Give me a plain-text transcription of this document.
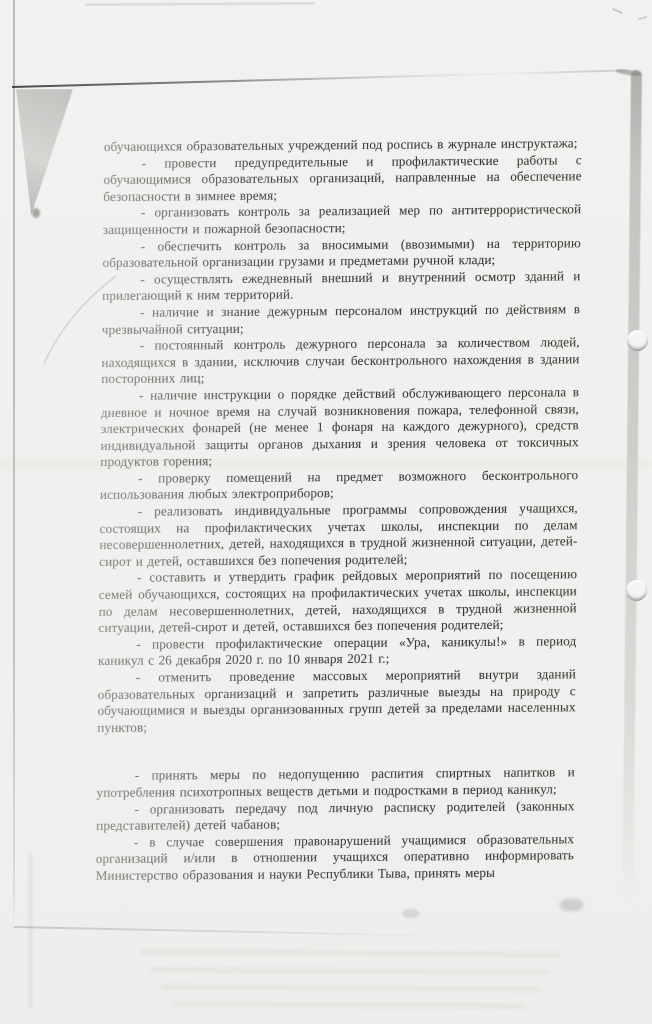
обучающихся образовательных учреждений под роспись в журнале инструктажа;

- провести предупредительные и профилактические работы с обучающимися образовательных организаций, направленные на обеспечение безопасности в зимнее время;

- организовать контроль за реализацией мер по антитеррористической защищенности и пожарной безопасности;

- обеспечить контроль за вносимыми (ввозимыми) на территорию образовательной организации грузами и предметами ручной клади;

- осуществлять ежедневный внешний и внутренний осмотр зданий и прилегающий к ним территорий.

- наличие и знание дежурным персоналом инструкций по действиям в чрезвычайной ситуации;

- постоянный контроль дежурного персонала за количеством людей, находящихся в здании, исключив случаи бесконтрольного нахождения в здании посторонних лиц;

- наличие инструкции о порядке действий обслуживающего персонала в дневное и ночное время на случай возникновения пожара, телефонной связи, электрических фонарей (не менее 1 фонаря на каждого дежурного), средств индивидуальной защиты органов дыхания и зрения человека от токсичных продуктов горения;

- проверку помещений на предмет возможного бесконтрольного использования любых электроприборов;

- реализовать индивидуальные программы сопровождения учащихся, состоящих на профилактических учетах школы, инспекции по делам несовершеннолетних, детей, находящихся в трудной жизненной ситуации, детей-сирот и детей, оставшихся без попечения родителей;

- составить и утвердить график рейдовых мероприятий по посещению семей обучающихся, состоящих на профилактических учетах школы, инспекции по делам несовершеннолетних, детей, находящихся в трудной жизненной ситуации, детей-сирот и детей, оставшихся без попечения родителей;

- провести профилактические операции «Ура, каникулы!» в период каникул с 26 декабря 2020 г. по 10 января 2021 г.;

- отменить проведение массовых мероприятий внутри зданий образовательных организаций и запретить различные выезды на природу с обучающимися и выезды организованных групп детей за пределами населенных пунктов;

- принять меры по недопущению распития спиртных напитков и употребления психотропных веществ детьми и подростками в период каникул;

- организовать передачу под личную расписку родителей (законных представителей) детей чабанов;

- в случае совершения правонарушений учащимися образовательных организаций и/или в отношении учащихся оперативно информировать Министерство образования и науки Республики Тыва, принять меры
